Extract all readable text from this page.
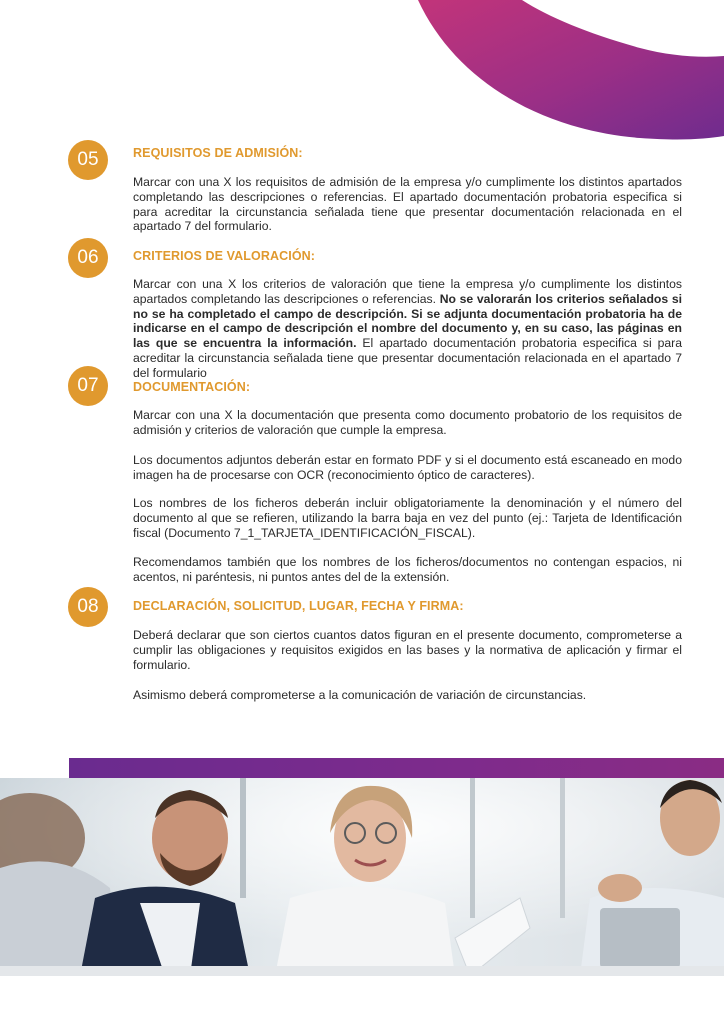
05	REQUISITOS DE ADMISIÓN:

Marcar con una X los requisitos de admisión de la empresa y/o cumplimente los distintos apartados completando las descripciones o referencias. El apartado documentación probatoria especifica si para acreditar la circunstancia señalada tiene que presentar documentación relacionada en el apartado 7 del formulario.

06	CRITERIOS DE VALORACIÓN:

Marcar con una X los criterios de valoración que tiene la empresa y/o cumplimente los distintos apartados completando las descripciones o referencias. No se valorarán los criterios señalados si no se ha completado el campo de descripción. Si se adjunta documentación probatoria ha de indicarse en el campo de descripción el nombre del documento y, en su caso, las páginas en las que se encuentra la información. El apartado documentación probatoria especifica si para acreditar la circunstancia señalada tiene que presentar documentación relacionada en el apartado 7 del formulario

07	DOCUMENTACIÓN:

Marcar con una X la documentación que presenta como documento probatorio de los requisitos de admisión y criterios de valoración que cumple la empresa.

Los documentos adjuntos deberán estar en formato PDF y si el documento está escaneado en modo imagen ha de procesarse con OCR (reconocimiento óptico de caracteres).

Los nombres de los ficheros deberán incluir obligatoriamente la denominación y el número del documento al que se refieren, utilizando la barra baja en vez del punto (ej.: Tarjeta de Identificación fiscal (Documento 7_1_TARJETA_IDENTIFICACIÓN_FISCAL).

Recomendamos también que los nombres de los ficheros/documentos no contengan espacios, ni acentos, ni paréntesis, ni puntos antes del de la extensión.

08	DECLARACIÓN, SOLICITUD, LUGAR, FECHA Y FIRMA:

Deberá declarar que son ciertos cuantos datos figuran en el presente documento, comprometerse a cumplir las obligaciones y requisitos exigidos en las bases y la normativa de aplicación y firmar el formulario.

Asimismo deberá comprometerse a la comunicación de variación de circunstancias.
